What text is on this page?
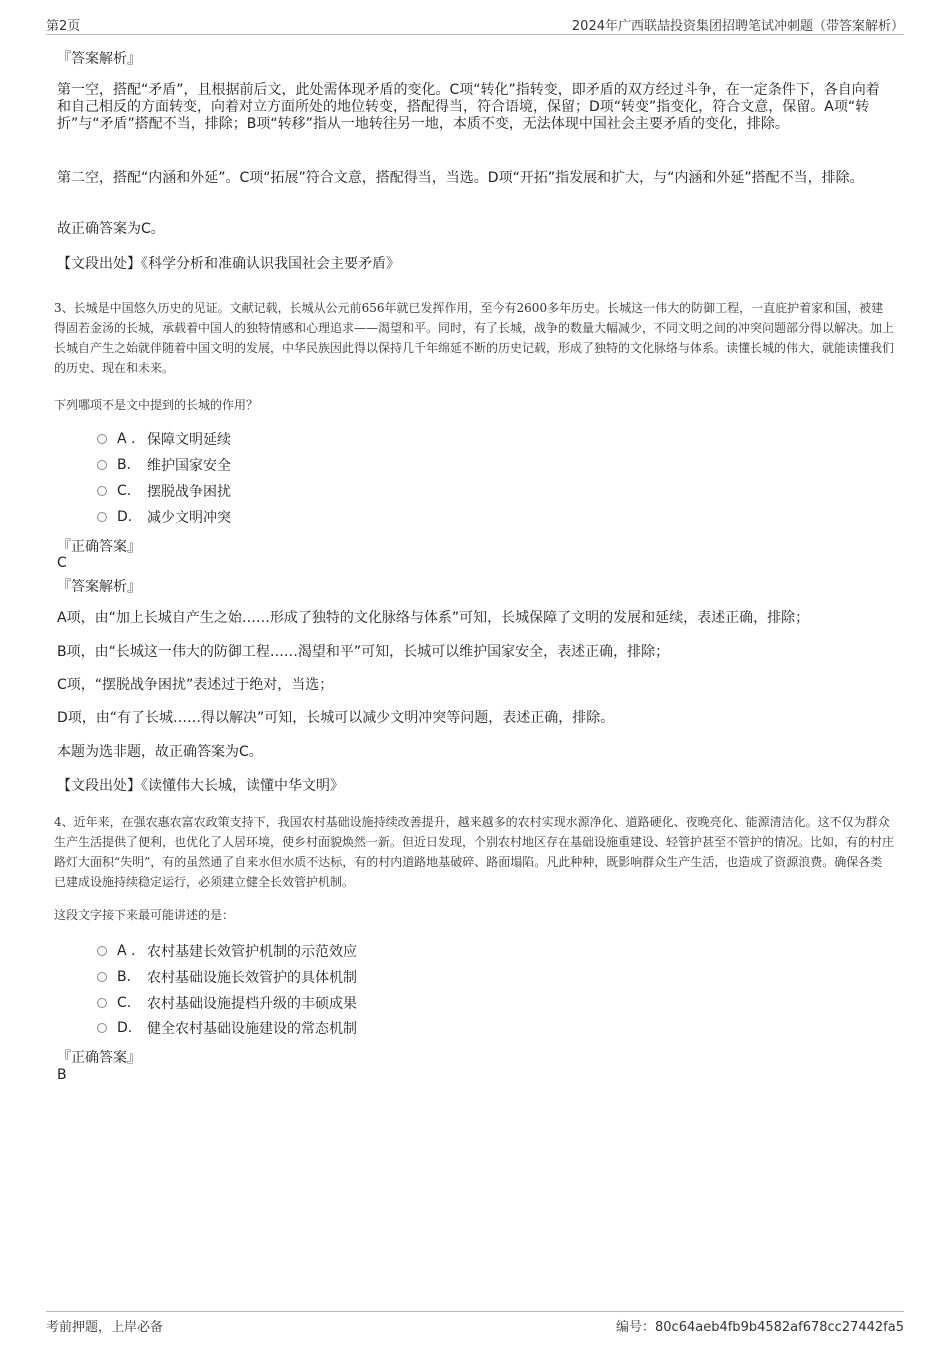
第2页	2024年广西联喆投资集团招聘笔试冲刺题（带答案解析）
『答案解析』

第一空，搭配“矛盾”，且根据前后文，此处需体现矛盾的变化。C项“转化”指转变，即矛盾的双方经过斗争，在一定条件下，各自向着和自己相反的方面转变，向着对立方面所处的地位转变，搭配得当，符合语境，保留；D项“转变”指变化，符合文意，保留。A项“转折”与“矛盾”搭配不当，排除；B项“转移”指从一地转往另一地，本质不变，无法体现中国社会主要矛盾的变化，排除。

第二空，搭配“内涵和外延”。C项“拓展”符合文意，搭配得当，当选。D项“开拓”指发展和扩大，与“内涵和外延”搭配不当，排除。

故正确答案为C。

【文段出处】《科学分析和准确认识我国社会主要矛盾》

3、长城是中国悠久历史的见证。文献记载，长城从公元前656年就已发挥作用，至今有2600多年历史。长城这一伟大的防御工程，一直庇护着家和国，被建得固若金汤的长城，承载着中国人的独特情感和心理追求——渴望和平。同时，有了长城，战争的数量大幅减少，不同文明之间的冲突问题部分得以解决。加上长城自产生之始就伴随着中国文明的发展，中华民族因此得以保持几千年绵延不断的历史记载，形成了独特的文化脉络与体系。读懂长城的伟大，就能读懂我们的历史、现在和未来。

下列哪项不是文中提到的长城的作用？

A . 保障文明延续
B.	维护国家安全
C.	摆脱战争困扰
D.	减少文明冲突
『正确答案』
C
『答案解析』

A项，由“加上长城自产生之始……形成了独特的文化脉络与体系”可知，长城保障了文明的发展和延续，表述正确，排除；

B项，由“长城这一伟大的防御工程……渴望和平”可知，长城可以维护国家安全，表述正确，排除；

C项，“摆脱战争困扰”表述过于绝对，当选；

D项，由“有了长城……得以解决”可知，长城可以减少文明冲突等问题，表述正确，排除。

本题为选非题，故正确答案为C。

【文段出处】《读懂伟大长城，读懂中华文明》

4、近年来，在强农惠农富农政策支持下，我国农村基础设施持续改善提升，越来越多的农村实现水源净化、道路硬化、夜晚亮化、能源清洁化。这不仅为群众生产生活提供了便利，也优化了人居环境，使乡村面貌焕然一新。但近日发现，个别农村地区存在基础设施重建设、轻管护甚至不管护的情况。比如，有的村庄路灯大面积“失明”，有的虽然通了自来水但水质不达标，有的村内道路地基破碎、路面塌陷。凡此种种，既影响群众生产生活，也造成了资源浪费。确保各类已建成设施持续稳定运行，必须建立健全长效管护机制。

这段文字接下来最可能讲述的是：

A . 农村基建长效管护机制的示范效应
B.	农村基础设施长效管护的具体机制
C.	农村基础设施提档升级的丰硕成果
D.	健全农村基础设施建设的常态机制
『正确答案』
B
考前押题，上岸必备	编号：80c64aeb4fb9b4582af678cc27442fa5
